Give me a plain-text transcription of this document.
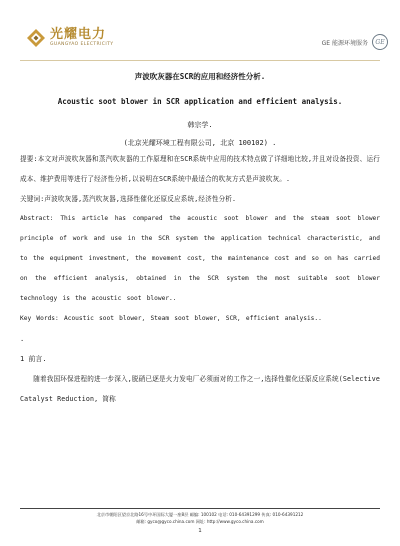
光耀电力
GUANGYAO ELECTRICITY	GE 能源环境服务	GE

声波吹灰器在SCR的应用和经济性分析.

Acoustic soot blower in SCR application and efficient analysis.

韩宗学.
(北京光耀环境工程有限公司, 北京 100102) .

提要:本文对声波吹灰器和蒸汽吹灰器的工作原理和在SCR系统中应用的技术特点做了详细地比较,并且对设备投资、运行成本、维护费用等进行了经济性分析,以说明在SCR系统中最适合的吹灰方式是声波吹灰。.

关键词:声波吹灰器,蒸汽吹灰器,选择性催化还原反应系统,经济性分析.

Abstract: This article has compared the acoustic soot blower and the steam soot blower principle of work and use in the SCR system the application technical characteristic, and to the equipment investment, the movement cost, the maintenance cost and so on has carried on the efficient analysis, obtained in the SCR system the most suitable soot blower technology is the acoustic soot blower..

Key Words: Acoustic soot blower, Steam soot blower, SCR, efficient analysis..

.

1 前言.

随着我国环保进程的进一步深入,脱硝已逐是火力发电厂必须面对的工作之一,选择性催化还原反应系统(Selective Catalyst Reduction, 简称

北京市朝阳区望京北路16号中环国际大厦一座8层 邮编: 100102 电话: 010-64391299 传真: 010-64391212
邮箱: gyco@gyco.china.com 网址: http://www.gyco.china.com
1
